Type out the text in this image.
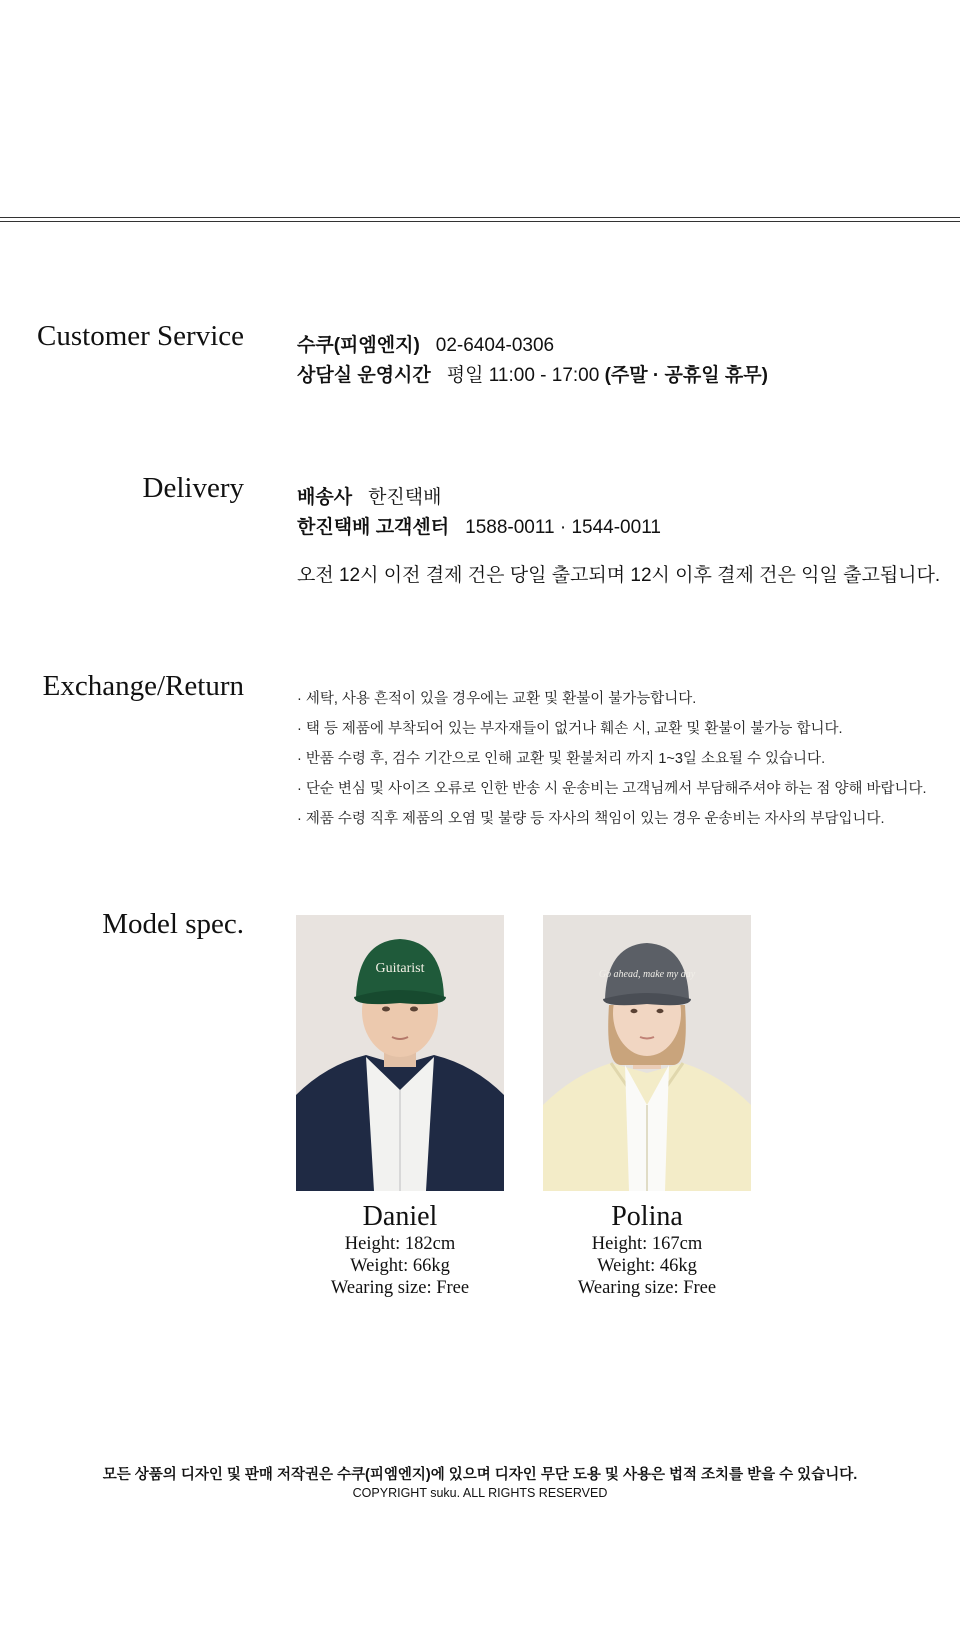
Customer Service	수쿠(피엠엔지) 02-6404-0306
상담실 운영시간 평일 11:00 - 17:00 (주말 · 공휴일 휴무)
Delivery	배송사 한진택배
한진택배 고객센터 1588-0011 · 1544-0011
오전 12시 이전 결제 건은 당일 출고되며 12시 이후 결제 건은 익일 출고됩니다.
Exchange/Return	· 세탁, 사용 흔적이 있을 경우에는 교환 및 환불이 불가능합니다.
· 택 등 제품에 부착되어 있는 부자재들이 없거나 훼손 시, 교환 및 환불이 불가능 합니다.
· 반품 수령 후, 검수 기간으로 인해 교환 및 환불처리 까지 1~3일 소요될 수 있습니다.
· 단순 변심 및 사이즈 오류로 인한 반송 시 운송비는 고객님께서 부담해주셔야 하는 점 양해 바랍니다.
· 제품 수령 직후 제품의 오염 및 불량 등 자사의 책임이 있는 경우 운송비는 자사의 부담입니다.
Model spec.
Guitarist
Daniel
Height: 182cm
Weight: 66kg
Wearing size: Free
Go ahead, make my day
Polina
Height: 167cm
Weight: 46kg
Wearing size: Free
모든 상품의 디자인 및 판매 저작권은 수쿠(피엠엔지)에 있으며 디자인 무단 도용 및 사용은 법적 조치를 받을 수 있습니다.
COPYRIGHT suku. ALL RIGHTS RESERVED
